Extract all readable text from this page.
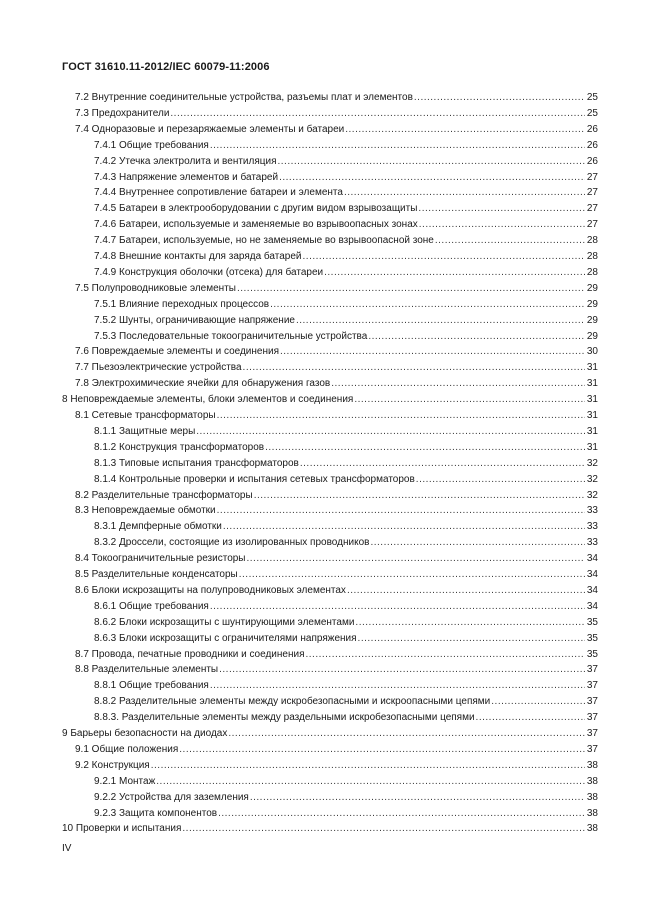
ГОСТ 31610.11-2012/IEC 60079-11:2006
7.2 Внутренние соединительные устройства, разъемы плат и элементов .....	25
7.3 Предохранители .....	25
7.4 Одноразовые и перезаряжаемые элементы и батареи .....	26
7.4.1 Общие требования .....	26
7.4.2 Утечка электролита и вентиляция .....	26
7.4.3 Напряжение элементов и батарей .....	27
7.4.4 Внутреннее сопротивление батареи и элемента .....	27
7.4.5 Батареи в электрооборудовании с другим видом взрывозащиты .....	27
7.4.6 Батареи, используемые и заменяемые во взрывоопасных зонах .....	27
7.4.7 Батареи, используемые, но не заменяемые во взрывоопасной зоне .....	28
7.4.8 Внешние контакты для заряда батарей .....	28
7.4.9 Конструкция оболочки (отсека) для батареи .....	28
7.5 Полупроводниковые элементы .....	29
7.5.1 Влияние переходных процессов .....	29
7.5.2 Шунты, ограничивающие напряжение .....	29
7.5.3 Последовательные токоограничительные устройства .....	29
7.6 Повреждаемые элементы и соединения .....	30
7.7 Пьезоэлектрические устройства .....	31
7.8 Электрохимические ячейки для обнаружения газов .....	31
8 Неповреждаемые элементы, блоки элементов и соединения .....	31
8.1 Сетевые трансформаторы .....	31
8.1.1 Защитные меры .....	31
8.1.2 Конструкция трансформаторов .....	31
8.1.3 Типовые испытания трансформаторов .....	32
8.1.4 Контрольные проверки и испытания сетевых трансформаторов .....	32
8.2 Разделительные трансформаторы .....	32
8.3 Неповреждаемые обмотки .....	33
8.3.1 Демпферные обмотки .....	33
8.3.2 Дроссели, состоящие из изолированных проводников .....	33
8.4 Токоограничительные резисторы .....	34
8.5 Разделительные конденсаторы .....	34
8.6 Блоки искрозащиты на полупроводниковых элементах .....	34
8.6.1 Общие требования .....	34
8.6.2 Блоки искрозащиты с шунтирующими элементами .....	35
8.6.3 Блоки искрозащиты с ограничителями напряжения .....	35
8.7 Провода, печатные проводники и соединения .....	35
8.8 Разделительные элементы .....	37
8.8.1 Общие требования .....	37
8.8.2 Разделительные элементы между искробезопасными и искроопасными цепями .....	37
8.8.3. Разделительные элементы между раздельными искробезопасными цепями .....	37
9 Барьеры безопасности на диодах .....	37
9.1 Общие положения .....	37
9.2 Конструкция .....	38
9.2.1 Монтаж .....	38
9.2.2 Устройства для заземления .....	38
9.2.3 Защита компонентов .....	38
10 Проверки и испытания .....	38
IV
